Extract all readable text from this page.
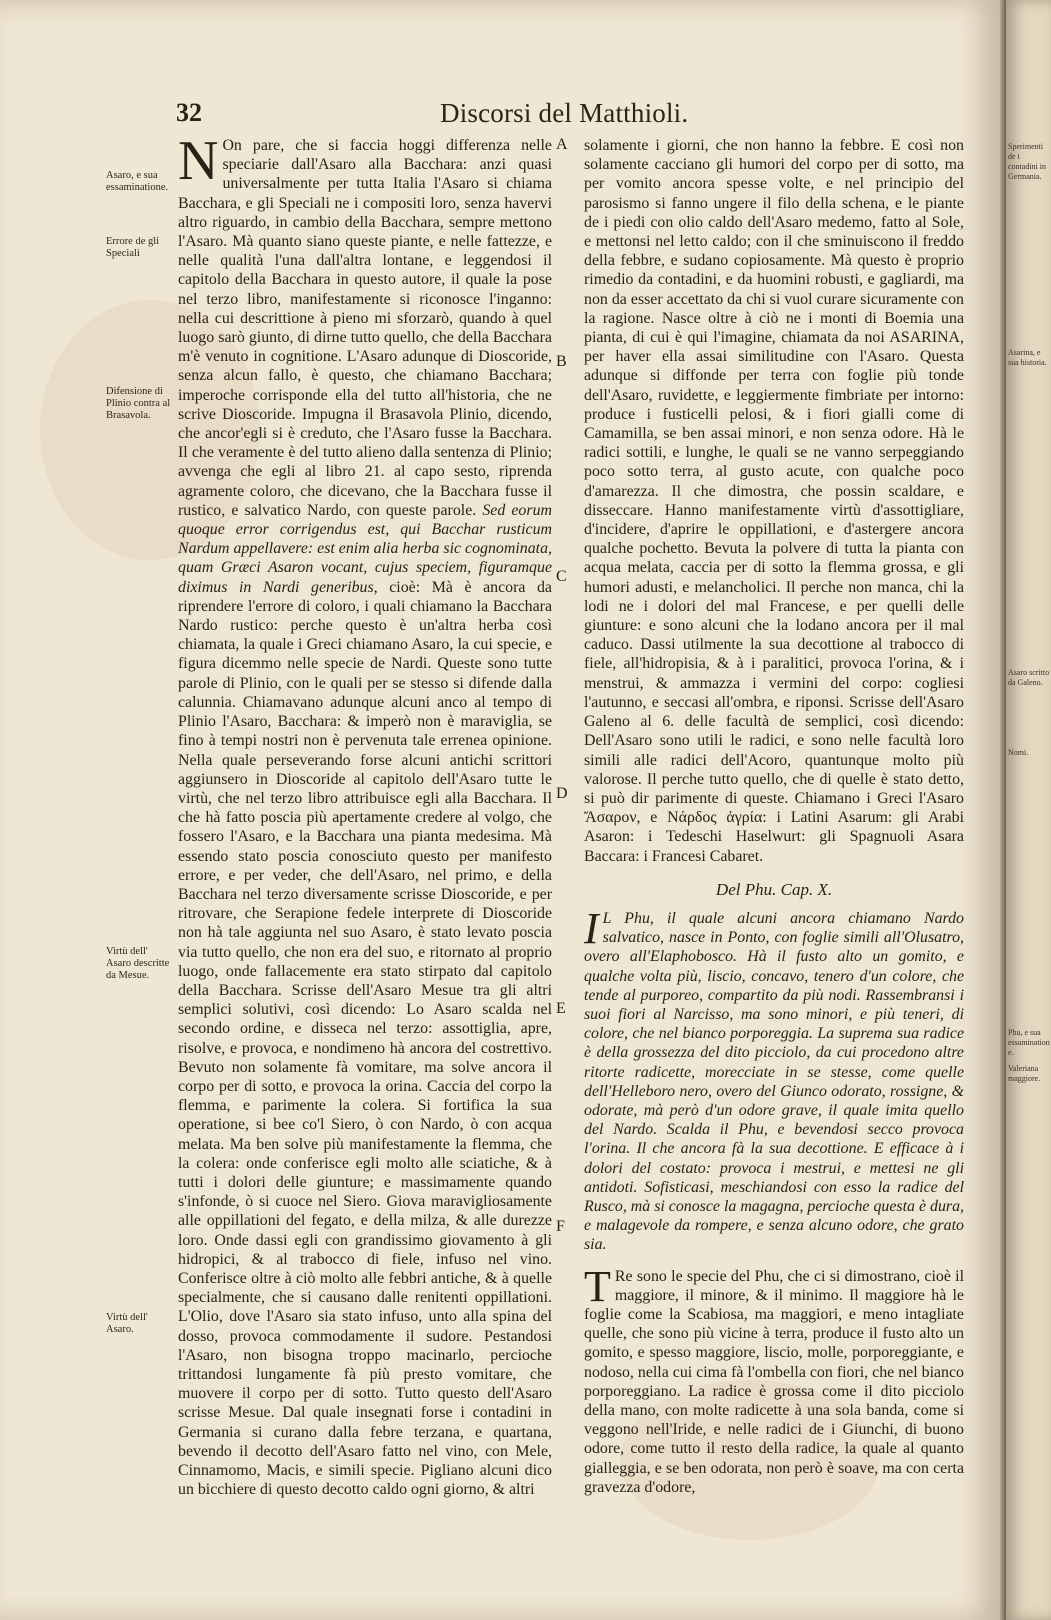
32	Discorsi del Matthioli.
Asaro, e sua essaminatione.
Errore de gli Speciali
Difensione di Plinio contra al Brasavola.
Virtù dell' Asaro descritte da Mesue.
Virtù dell' Asaro.
A
B
C
D
E
F

N On pare, che si faccia hoggi differenza nelle speciarie dall'Asaro alla Bacchara: anzi quasi universalmente per tutta Italia l'Asaro si chiama Bacchara, e gli Speciali ne i compositi loro, senza havervi altro riguardo, in cambio della Bacchara, sempre mettono l'Asaro. Mà quanto siano queste piante, e nelle fattezze, e nelle qualità l'una dall'altra lontane, e leggendosi il capitolo della Bacchara in questo autore, il quale la pose nel terzo libro, manifestamente si riconosce l'inganno: nella cui descrittione à pieno mi sforzarò, quando à quel luogo sarò giunto, di dirne tutto quello, che della Bacchara m'è venuto in cognitione. L'Asaro adunque di Dioscoride, senza alcun fallo, è questo, che chiamano Bacchara; imperoche corrisponde ella del tutto all'historia, che ne scrive Dioscoride. Impugna il Brasavola Plinio, dicendo, che ancor'egli si è creduto, che l'Asaro fusse la Bacchara. Il che veramente è del tutto alieno dalla sentenza di Plinio; avvenga che egli al libro 21. al capo sesto, riprenda agramente coloro, che dicevano, che la Bacchara fusse il rustico, e salvatico Nardo, con queste parole. Sed eorum quoque error corrigendus est, qui Bacchar rusticum Nardum appellavere: est enim alia herba sic cognominata, quam Græci Asaron vocant, cujus speciem, figuramque diximus in Nardi generibus, cioè: Mà è ancora da riprendere l'errore di coloro, i quali chiamano la Bacchara Nardo rustico: perche questo è un'altra herba così chiamata, la quale i Greci chiamano Asaro, la cui specie, e figura dicemmo nelle specie de Nardi. Queste sono tutte parole di Plinio, con le quali per se stesso si difende dalla calunnia. Chiamavano adunque alcuni anco al tempo di Plinio l'Asaro, Bacchara: & imperò non è maraviglia, se fino à tempi nostri non è pervenuta tale errenea opinione. Nella quale perseverando forse alcuni antichi scrittori aggiunsero in Dioscoride al capitolo dell'Asaro tutte le virtù, che nel terzo libro attribuisce egli alla Bacchara. Il che hà fatto poscia più apertamente credere al volgo, che fossero l'Asaro, e la Bacchara una pianta medesima. Mà essendo stato poscia conosciuto questo per manifesto errore, e per veder, che dell'Asaro, nel primo, e della Bacchara nel terzo diversamente scrisse Dioscoride, e per ritrovare, che Serapione fedele interprete di Dioscoride non hà tale aggiunta nel suo Asaro, è stato levato poscia via tutto quello, che non era del suo, e ritornato al proprio luogo, onde fallacemente era stato stirpato dal capitolo della Bacchara. Scrisse dell'Asaro Mesue tra gli altri semplici solutivi, così dicendo: Lo Asaro scalda nel secondo ordine, e disseca nel terzo: assottiglia, apre, risolve, e provoca, e nondimeno hà ancora del costrettivo. Bevuto non solamente fà vomitare, ma solve ancora il corpo per di sotto, e provoca la orina. Caccia del corpo la flemma, e parimente la colera. Si fortifica la sua operatione, si bee co'l Siero, ò con Nardo, ò con acqua melata. Ma ben solve più manifestamente la flemma, che la colera: onde conferisce egli molto alle sciatiche, & à tutti i dolori delle giunture; e massimamente quando s'infonde, ò si cuoce nel Siero. Giova maravigliosamente alle oppillationi del fegato, e della milza, & alle durezze loro. Onde dassi egli con grandissimo giovamento à gli hidropici, & al trabocco di fiele, infuso nel vino. Conferisce oltre à ciò molto alle febbri antiche, & à quelle specialmente, che si causano dalle renitenti oppillationi. L'Olio, dove l'Asaro sia stato infuso, unto alla spina del dosso, provoca commodamente il sudore. Pestandosi l'Asaro, non bisogna troppo macinarlo, percioche trittandosi lungamente fà più presto vomitare, che muovere il corpo per di sotto. Tutto questo dell'Asaro scrisse Mesue. Dal quale insegnati forse i contadini in Germania si curano dalla febre terzana, e quartana, bevendo il decotto dell'Asaro fatto nel vino, con Mele, Cinnamomo, Macis, e simili specie. Pigliano alcuni dico un bicchiere di questo decotto caldo ogni giorno, & altri

solamente i giorni, che non hanno la febbre. E così non solamente cacciano gli humori del corpo per di sotto, ma per vomito ancora spesse volte, e nel principio del parosismo si fanno ungere il filo della schena, e le piante de i piedi con olio caldo dell'Asaro medemo, fatto al Sole, e mettonsi nel letto caldo; con il che sminuiscono il freddo della febbre, e sudano copiosamente. Mà questo è proprio rimedio da contadini, e da huomini robusti, e gagliardi, ma non da esser accettato da chi si vuol curare sicuramente con la ragione. Nasce oltre à ciò ne i monti di Boemia una pianta, di cui è qui l'imagine, chiamata da noi ASARINA, per haver ella assai similitudine con l'Asaro. Questa adunque si diffonde per terra con foglie più tonde dell'Asaro, ruvidette, e leggiermente fimbriate per intorno: produce i fusticelli pelosi, & i fiori gialli come di Camamilla, se ben assai minori, e non senza odore. Hà le radici sottili, e lunghe, le quali se ne vanno serpeggiando poco sotto terra, al gusto acute, con qualche poco d'amarezza. Il che dimostra, che possin scaldare, e disseccare. Hanno manifestamente virtù d'assottigliare, d'incidere, d'aprire le oppillationi, e d'astergere ancora qualche pochetto. Bevuta la polvere di tutta la pianta con acqua melata, caccia per di sotto la flemma grossa, e gli humori adusti, e melancholici. Il perche non manca, chi la lodi ne i dolori del mal Francese, e per quelli delle giunture: e sono alcuni che la lodano ancora per il mal caduco. Dassi utilmente la sua decottione al trabocco di fiele, all'hidropisia, & à i paralitici, provoca l'orina, & i menstrui, & ammazza i vermini del corpo: cogliesi l'autunno, e seccasi all'ombra, e riponsi. Scrisse dell'Asaro Galeno al 6. delle facultà de semplici, così dicendo: Dell'Asaro sono utili le radici, e sono nelle facultà loro simili alle radici dell'Acoro, quantunque molto più valorose. Il perche tutto quello, che di quelle è stato detto, si può dir parimente di queste. Chiamano i Greci l'Asaro Ἄσαρον, e Νάρδος ἀγρία: i Latini Asarum: gli Arabi Asaron: i Tedeschi Haselwurt: gli Spagnuoli Asara Baccara: i Francesi Cabaret.

Del Phu. Cap. X.

I L Phu, il quale alcuni ancora chiamano Nardo salvatico, nasce in Ponto, con foglie simili all'Olusatro, overo all'Elaphobosco. Hà il fusto alto un gomito, e qualche volta più, liscio, concavo, tenero d'un colore, che tende al purporeo, compartito da più nodi. Rassembransi i suoi fiori al Narcisso, ma sono minori, e più teneri, di colore, che nel bianco porporeggia. La suprema sua radice è della grossezza del dito picciolo, da cui procedono altre ritorte radicette, morecciate in se stesse, come quelle dell'Helleboro nero, overo del Giunco odorato, rossigne, & odorate, mà però d'un odore grave, il quale imita quello del Nardo. Scalda il Phu, e bevendosi secco provoca l'orina. Il che ancora fà la sua decottione. E efficace à i dolori del costato: provoca i mestrui, e mettesi ne gli antidoti. Sofisticasi, meschiandosi con esso la radice del Rusco, mà si conosce la magagna, percioche questa è dura, e malagevole da rompere, e senza alcuno odore, che grato sia.

T Re sono le specie del Phu, che ci si dimostrano, cioè il maggiore, il minore, & il minimo. Il maggiore hà le foglie come la Scabiosa, ma maggiori, e meno intagliate quelle, che sono più vicine à terra, produce il fusto alto un gomito, e spesso maggiore, liscio, molle, porporeggiante, e nodoso, nella cui cima fà l'ombella con fiori, che nel bianco porporeggiano. La radice è grossa come il dito picciolo della mano, con molte radicette à una sola banda, come si veggono nell'Iride, e nelle radici de i Giunchi, di buono odore, come tutto il resto della radice, la quale al quanto gialleggia, e se ben odorata, non però è soave, ma con certa gravezza d'odore,

Sperimenti de i contadini in Germania.
Asarina, e sua historia.
Asaro scritto da Galeno.
Nomi.
Phu, e sua essaminatione.
Valeriana maggiore.
